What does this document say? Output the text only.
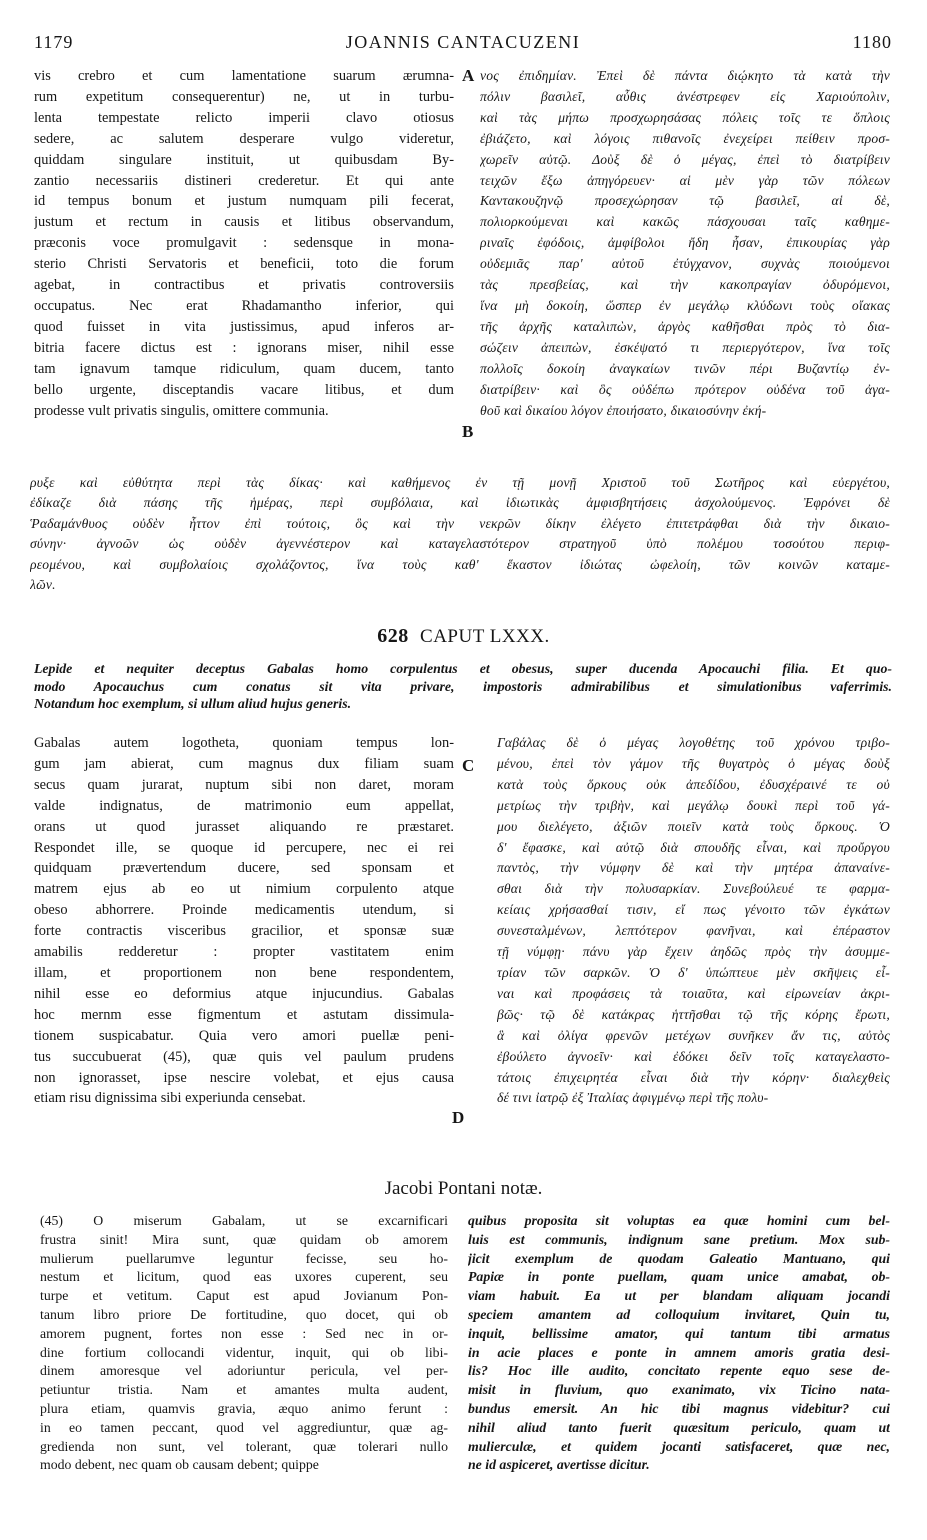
1179	JOANNIS CANTACUZENI	1180
vis crebro et cum lamentatione suarum ærumna-
rum expetitum consequerentur) ne, ut in turbu-
lenta tempestate relicto imperii clavo otiosus
sedere, ac salutem desperare vulgo videretur,
quiddam singulare instituit, ut quibusdam By-
zantio necessariis distineri crederetur. Et qui ante
id tempus bonum et justum numquam pili fecerat,
justum et rectum in causis et litibus observandum,
præconis voce promulgavit : sedensque in mona-
sterio Christi Servatoris et beneficii, toto die forum
agebat, in contractibus et privatis controversiis
occupatus. Nec erat Rhadamantho inferior, qui
quod fuisset in vita justissimus, apud inferos ar-
bitria facere dictus est : ignorans miser, nihil esse
tam ignavum tamque ridiculum, quam ducem, tanto
bello urgente, disceptandis vacare litibus, et dum
prodesse vult privatis singulis, omittere communia.
νος ἐπιδημίαν. Ἐπεὶ δὲ πάντα διῴκητο τὰ κατὰ τὴν
πόλιν βασιλεῖ, αὖθις ἀνέστρεφεν εἰς Χαριούπολιν,
καὶ τὰς μήπω προσχωρησάσας πόλεις τοῖς τε ὅπλοις
ἐβιάζετο, καὶ λόγοις πιθανοῖς ἐνεχείρει πείθειν προσ-
χωρεῖν αὐτῷ. Δοὺξ δὲ ὁ μέγας, ἐπεὶ τὸ διατρίβειν
τειχῶν ἔξω ἀπηγόρευεν· αἱ μὲν γὰρ τῶν πόλεων
Καντακουζηνῷ προσεχώρησαν τῷ βασιλεῖ, αἱ δὲ,
πολιορκούμεναι καὶ κακῶς πάσχουσαι ταῖς καθημε-
ριναῖς ἐφόδοις, ἀμφίβολοι ἤδη ἦσαν, ἐπικουρίας γὰρ
οὐδεμιᾶς παρ' αὐτοῦ ἐτύγχανον, συχνὰς ποιούμενοι
τὰς πρεσβείας, καὶ τὴν κακοπραγίαν ὀδυρόμενοι,
ἵνα μὴ δοκοίη, ὥσπερ ἐν μεγάλῳ κλύδωνι τοὺς οἴακας
τῆς ἀρχῆς καταλιπὼν, ἀργὸς καθῆσθαι πρὸς τὸ δια-
σώζειν ἀπειπὼν, ἐσκέψατό τι περιεργότερον, ἵνα τοῖς
πολλοῖς δοκοίη ἀναγκαίων τινῶν πέρι Βυζαντίῳ ἐν-
διατρίβειν· καὶ ὃς οὐδέπω πρότερον οὐδένα τοῦ ἀγα-
θοῦ καὶ δικαίου λόγον ἐποιήσατο, δικαιοσύνην ἐκή-
A
B
ρυξε καὶ εὐθύτητα περὶ τὰς δίκας· καὶ καθήμενος ἐν τῇ μονῇ Χριστοῦ τοῦ Σωτῆρος καὶ εὐεργέτου,
ἐδίκαζε διὰ πάσης τῆς ἡμέρας, περὶ συμβόλαια, καὶ ἰδιωτικὰς ἀμφισβητήσεις ἀσχολούμενος. Ἐφρόνει δὲ
Ῥαδαμάνθυος οὐδὲν ἧττον ἐπὶ τούτοις, ὃς καὶ τὴν νεκρῶν δίκην ἐλέγετο ἐπιτετράφθαι διὰ τὴν δικαιο-
σύνην· ἀγνοῶν ὡς οὐδὲν ἀγεννέστερον καὶ καταγελαστότερον στρατηγοῦ ὑπὸ πολέμου τοσούτου περιφ-
ρεομένου, καὶ συμβολαίοις σχολάζοντος, ἵνα τοὺς καθ' ἕκαστον ἰδιώτας ὠφελοίη, τῶν κοινῶν καταμε-
λῶν.
628 CAPUT LXXX.
Lepide et nequiter deceptus Gabalas homo corpulentus et obesus, super ducenda Apocauchi filia. Et quo-
modo Apocauchus cum conatus sit vita privare, impostoris admirabilibus et simulationibus vaferrimis.
Notandum hoc exemplum, si ullum aliud hujus generis.
Gabalas autem logotheta, quoniam tempus lon-
gum jam abierat, cum magnus dux filiam suam
secus quam jurarat, nuptum sibi non daret, moram
valde indignatus, de matrimonio eum appellat,
orans ut quod jurasset aliquando re præstaret.
Respondet ille, se quoque id percupere, nec ei rei
quidquam prævertendum ducere, sed sponsam et
matrem ejus ab eo ut nimium corpulento atque
obeso abhorrere. Proinde medicamentis utendum, si
forte contractis visceribus gracilior, et sponsæ suæ
amabilis redderetur : propter vastitatem enim
illam, et proportionem non bene respondentem,
nihil esse eo deformius atque injucundius. Gabalas
hoc mernm esse figmentum et astutam dissimula-
tionem suspicabatur. Quia vero amori puellæ peni-
tus succubuerat (45), quæ quis vel paulum prudens
non ignorasset, ipse nescire volebat, et ejus causa
etiam risu dignissima sibi experiunda censebat.
Γαβάλας δὲ ὁ μέγας λογοθέτης τοῦ χρόνου τριβο-
μένου, ἐπεὶ τὸν γάμον τῆς θυγατρὸς ὁ μέγας δοὺξ
κατὰ τοὺς ὅρκους οὐκ ἀπεδίδου, ἐδυσχέραινέ τε οὐ
μετρίως τὴν τριβὴν, καὶ μεγάλῳ δουκὶ περὶ τοῦ γά-
μου διελέγετο, ἀξιῶν ποιεῖν κατὰ τοὺς ὅρκους. Ὁ
δ' ἔφασκε, καὶ αὐτῷ διὰ σπουδῆς εἶναι, καὶ προὔργου
παντὸς, τὴν νύμφην δὲ καὶ τὴν μητέρα ἀπαναίνε-
σθαι διὰ τὴν πολυσαρκίαν. Συνεβούλευέ τε φαρμα-
κείαις χρήσασθαί τισιν, εἴ πως γένοιτο τῶν ἐγκάτων
συνεσταλμένων, λεπτότερον φανῆναι, καὶ ἐπέραστον
τῇ νύμφῃ· πάνυ γὰρ ἔχειν ἀηδῶς πρὸς τὴν ἀσυμμε-
τρίαν τῶν σαρκῶν. Ὁ δ' ὑπώπτευε μὲν σκῆψεις εἶ-
ναι καὶ προφάσεις τὰ τοιαῦτα, καὶ εἰρωνείαν ἀκρι-
βῶς· τῷ δὲ κατάκρας ἡττῆσθαι τῷ τῆς κόρης ἔρωτι,
ἃ καὶ ὀλίγα φρενῶν μετέχων συνῆκεν ἄν τις, αὐτὸς
ἐβούλετο ἀγνοεῖν· καὶ ἐδόκει δεῖν τοῖς καταγελαστο-
τάτοις ἐπιχειρητέα εἶναι διὰ τὴν κόρην· διαλεχθεὶς
δέ τινι ἰατρῷ ἐξ Ἰταλίας ἀφιγμένῳ περὶ τῆς πολυ-
C
D
Jacobi Pontani notæ.
(45) O miserum Gabalam, ut se excarnificari
frustra sinit! Mira sunt, quæ quidam ob amorem
mulierum puellarumve leguntur fecisse, seu ho-
nestum et licitum, quod eas uxores cuperent, seu
turpe et vetitum. Caput est apud Jovianum Pon-
tanum libro priore De fortitudine, quo docet, qui ob
amorem pugnent, fortes non esse : Sed nec in or-
dine fortium collocandi videntur, inquit, qui ob libi-
dinem amoresque vel adoriuntur pericula, vel per-
petiuntur tristia. Nam et amantes multa audent,
plura etiam, quamvis gravia, æquo animo ferunt :
in eo tamen peccant, quod vel aggrediuntur, quæ ag-
gredienda non sunt, vel tolerant, quæ tolerari nullo
modo debent, nec quam ob causam debent; quippe
quibus proposita sit voluptas ea quæ homini cum bel-
luis est communis, indignum sane pretium. Mox sub-
jicit exemplum de quodam Galeatio Mantuano, qui
Papiæ in ponte puellam, quam unice amabat, ob-
viam habuit. Ea ut per blandam aliquam jocandi
speciem amantem ad colloquium invitaret, Quin tu,
inquit, bellissime amator, qui tantum tibi armatus
in acie places e ponte in amnem amoris gratia desi-
lis? Hoc ille audito, concitato repente equo sese de-
misit in fluvium, quo exanimato, vix Ticino nata-
bundus emersit. An hic tibi magnus videbitur? cui
nihil aliud tanto fuerit quæsitum periculo, quam ut
mulierculæ, et quidem jocanti satisfaceret, quæ nec,
ne id aspiceret, avertisse dicitur.
